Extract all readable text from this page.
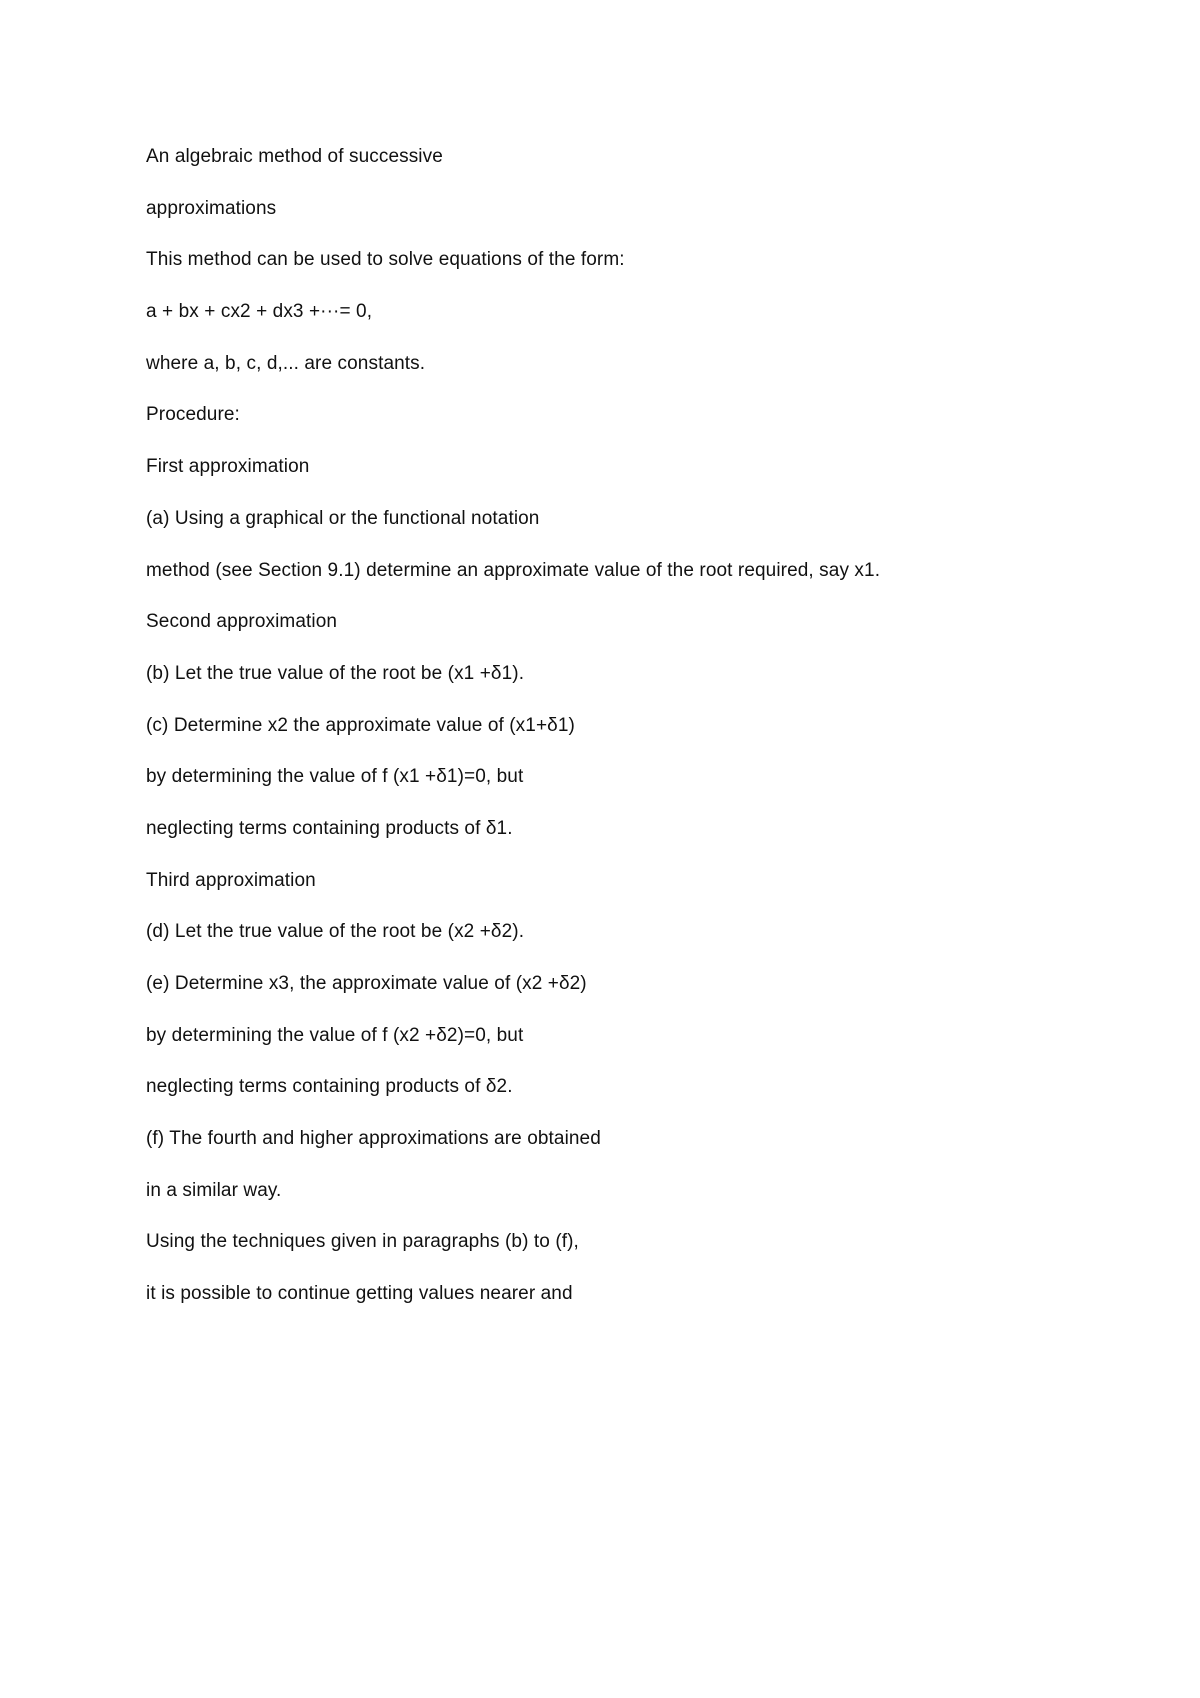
An algebraic method of successive

approximations

This method can be used to solve equations of the form:

a + bx + cx2 + dx3 +···= 0,

where a, b, c, d,... are constants.

Procedure:

First approximation

(a) Using a graphical or the functional notation

method (see Section 9.1) determine an approximate value of the root required, say x1.

Second approximation

(b) Let the true value of the root be (x1 +δ1).

(c) Determine x2 the approximate value of (x1+δ1)

by determining the value of f (x1 +δ1)=0, but

neglecting terms containing products of δ1.

Third approximation

(d) Let the true value of the root be (x2 +δ2).

(e) Determine x3, the approximate value of (x2 +δ2)

by determining the value of f (x2 +δ2)=0, but

neglecting terms containing products of δ2.

(f) The fourth and higher approximations are obtained

in a similar way.

Using the techniques given in paragraphs (b) to (f),

it is possible to continue getting values nearer and
